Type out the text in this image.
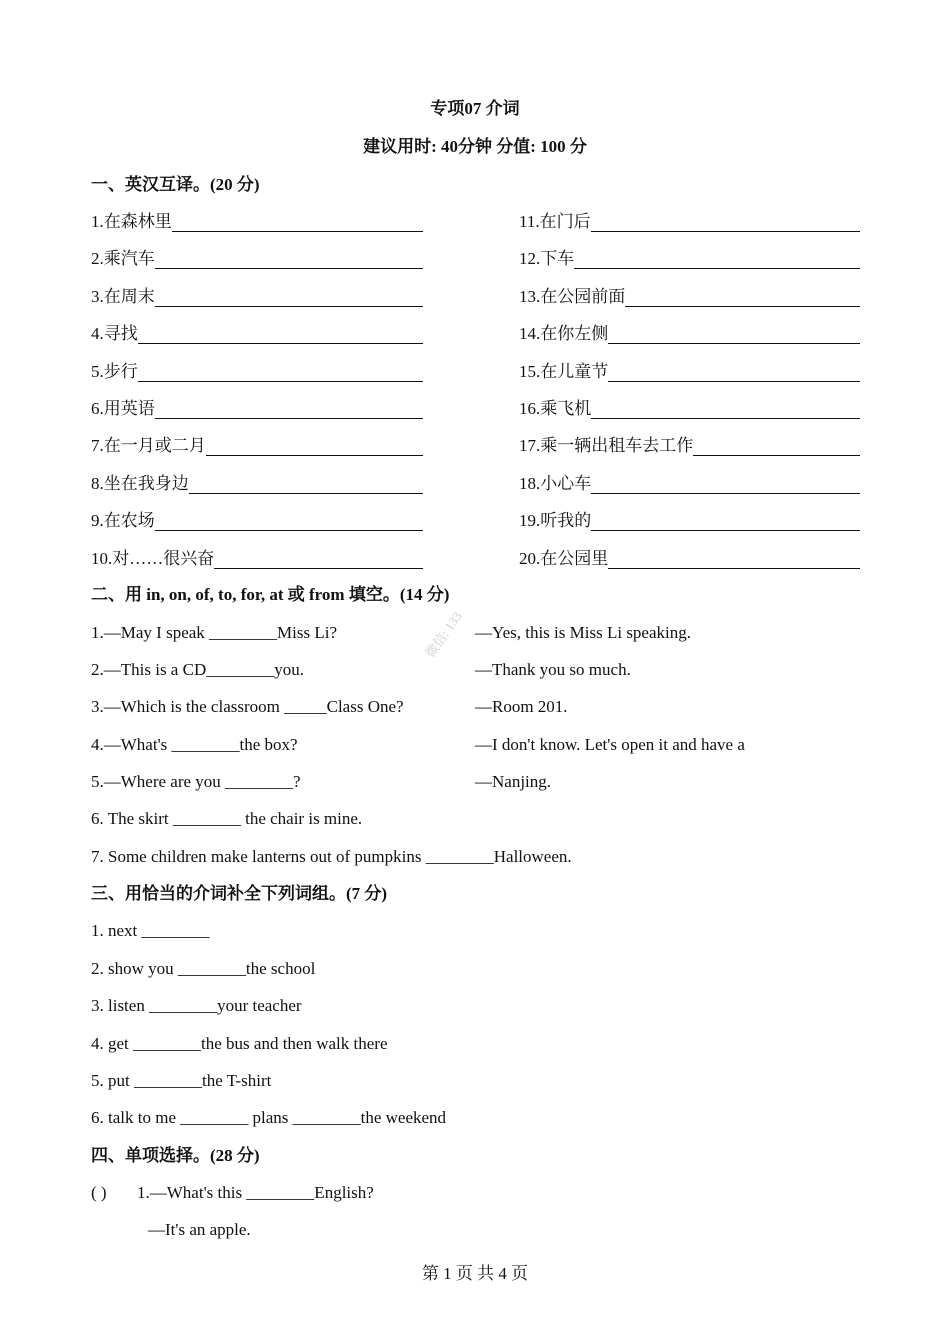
专项07 介词
建议用时: 40分钟 分值: 100 分
一、英汉互译。(20 分)
1.在森林里
2.乘汽车
3.在周末
4.寻找
5.步行
6.用英语
7.在一月或二月
8.坐在我身边
9.在农场
10.对……很兴奋
11.在门后
12.下车
13.在公园前面
14.在你左侧
15.在儿童节
16.乘飞机
17.乘一辆出租车去工作
18.小心车
19.听我的
20.在公园里
二、用 in, on, of, to, for, at 或 from 填空。(14 分)
1.—May I speak ________Miss Li?	—Yes, this is Miss Li speaking.
2.—This is a CD________you.	—Thank you so much.
3.—Which is the classroom _____Class One?	—Room 201.
4.—What's ________the box?	—I don't know. Let's open it and have a
5.—Where are you ________?	—Nanjing.
6. The skirt ________ the chair is mine.
7. Some children make lanterns out of pumpkins ________Halloween.
三、用恰当的介词补全下列词组。(7 分)
1. next ________
2. show you ________the school
3. listen ________your teacher
4. get ________the bus and then walk there
5. put ________the T-shirt
6. talk to me ________ plans ________the weekend
四、单项选择。(28 分)
( ) 1.—What's this ________English?
—It's an apple.
第 1 页 共 4 页
微信: 133
